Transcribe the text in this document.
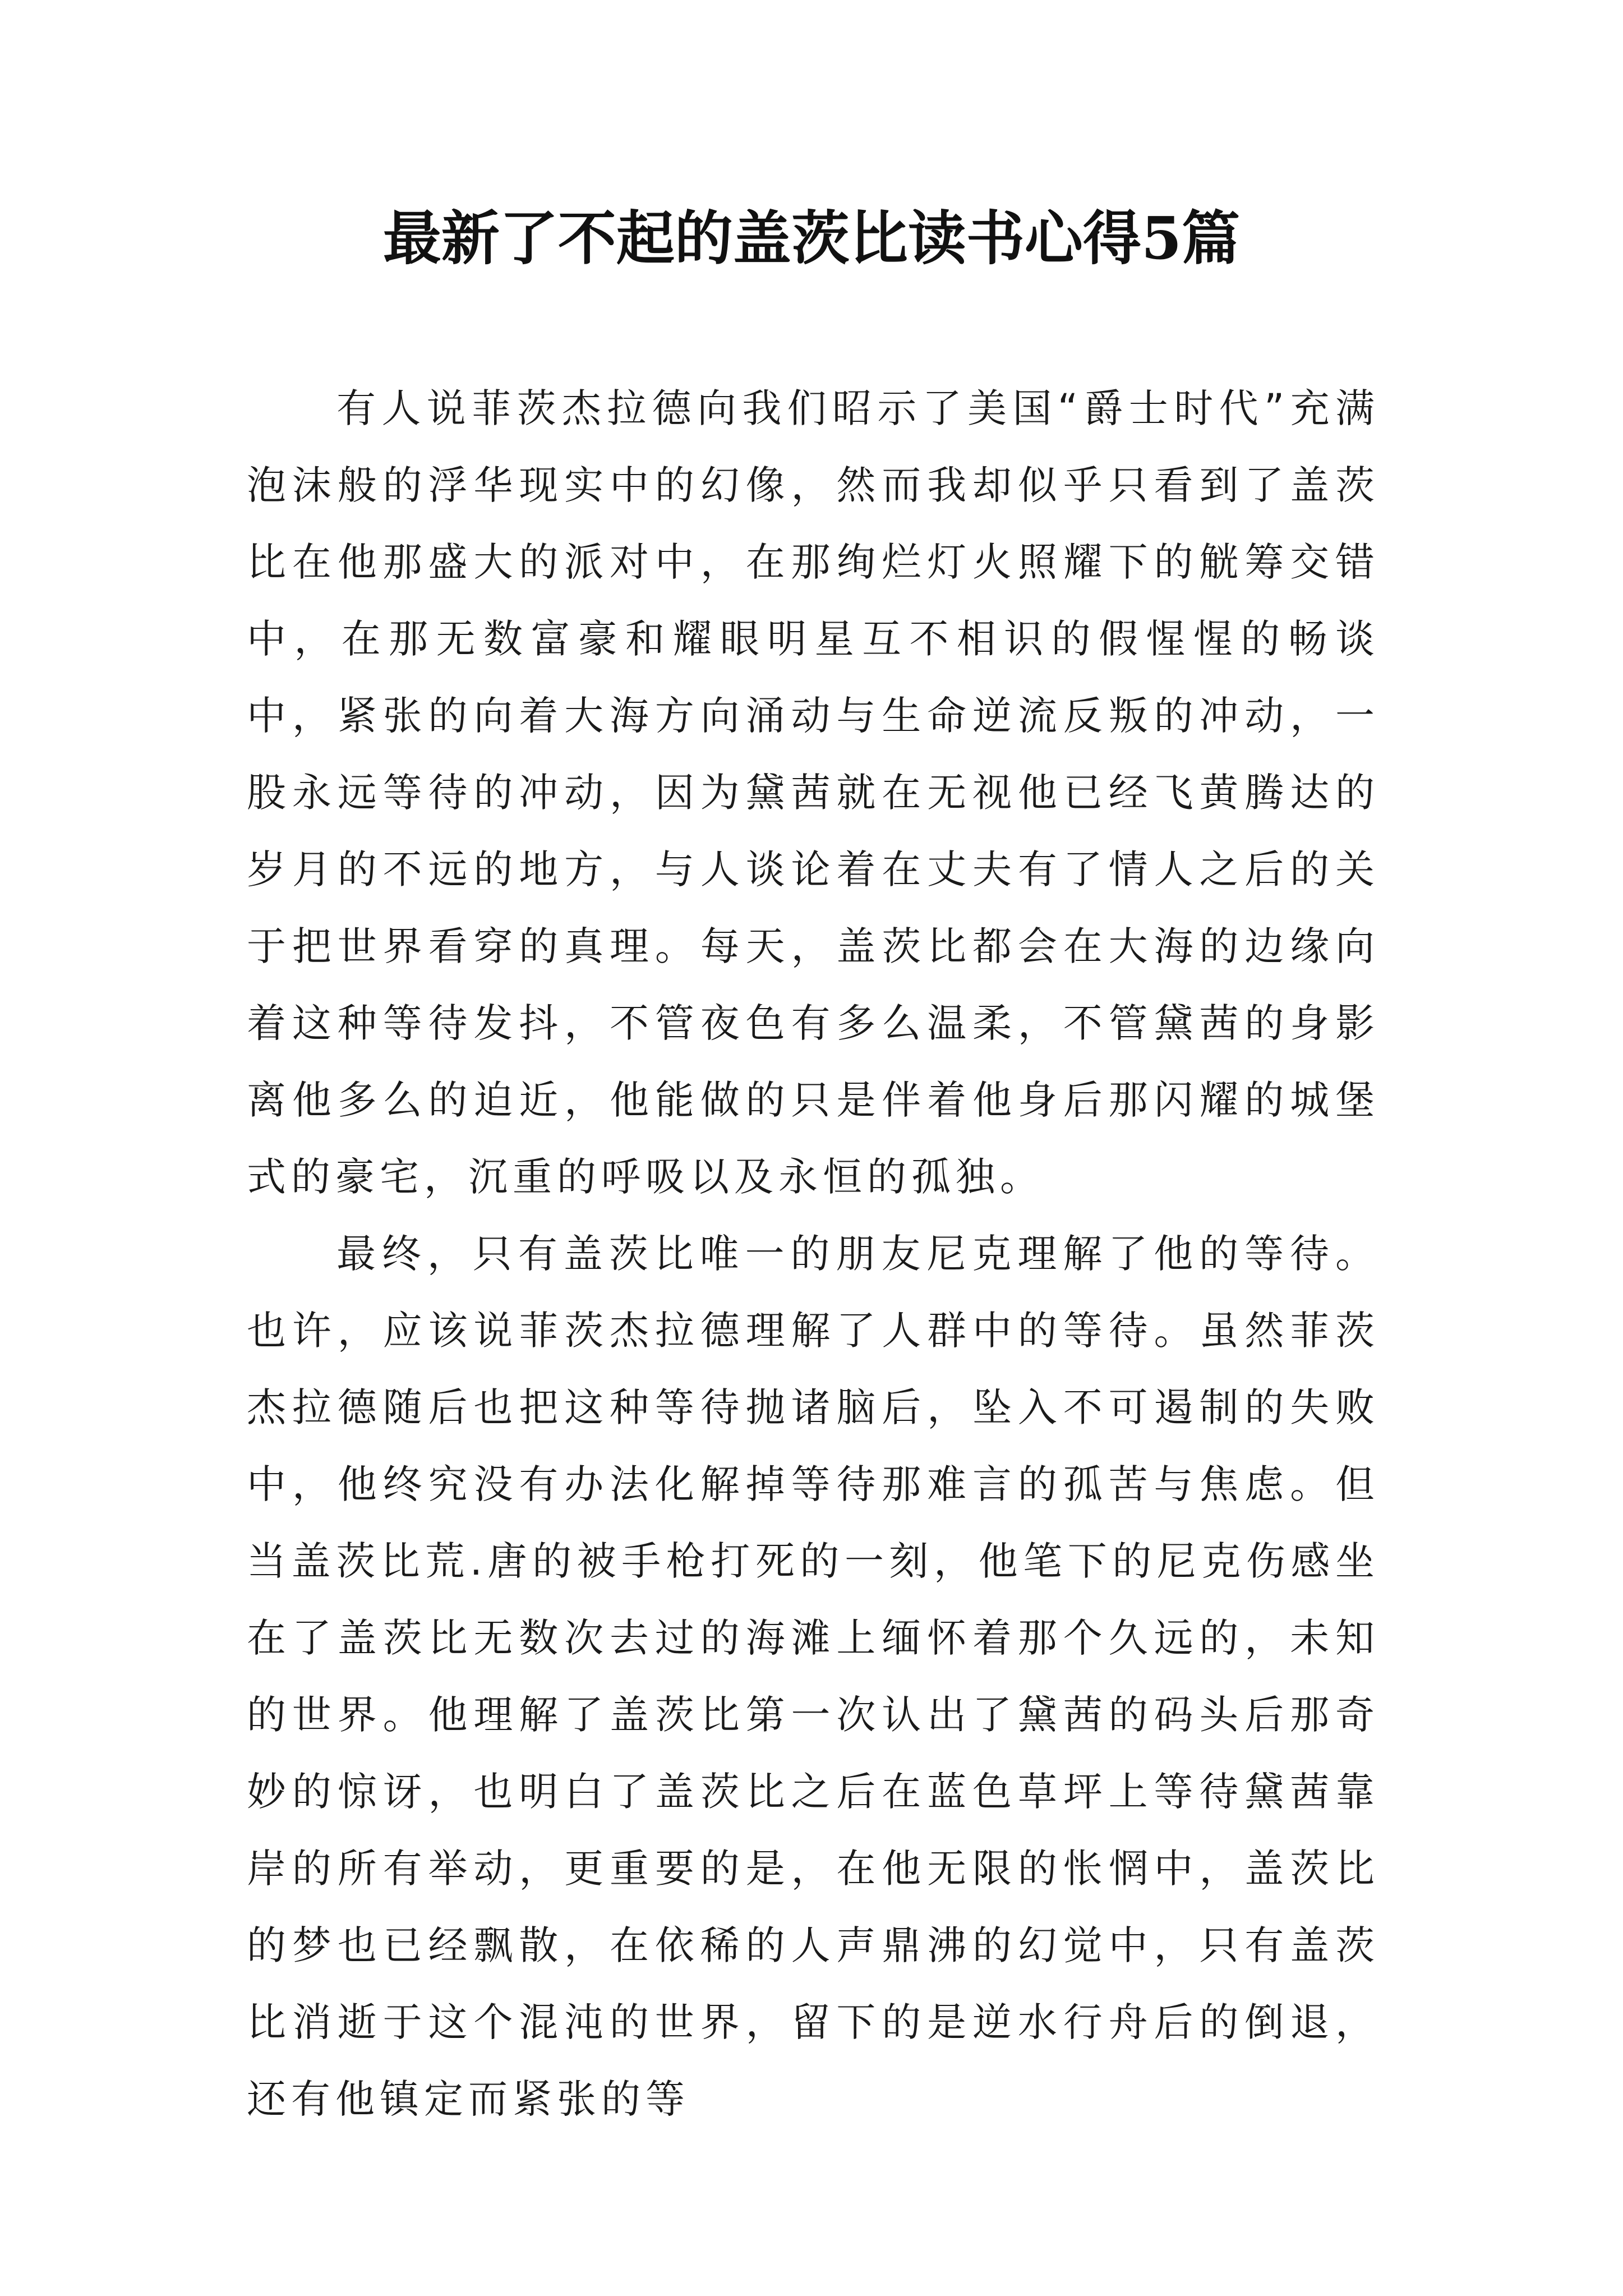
最新了不起的盖茨比读书心得5篇

有人说菲茨杰拉德向我们昭示了美国“爵士时代”充满泡沫般的浮华现实中的幻像，然而我却似乎只看到了盖茨比在他那盛大的派对中，在那绚烂灯火照耀下的觥筹交错中，在那无数富豪和耀眼明星互不相识的假惺惺的畅谈中，紧张的向着大海方向涌动与生命逆流反叛的冲动，一股永远等待的冲动，因为黛茜就在无视他已经飞黄腾达的岁月的不远的地方，与人谈论着在丈夫有了情人之后的关于把世界看穿的真理。每天，盖茨比都会在大海的边缘向着这种等待发抖，不管夜色有多么温柔，不管黛茜的身影离他多么的迫近，他能做的只是伴着他身后那闪耀的城堡式的豪宅，沉重的呼吸以及永恒的孤独。

最终，只有盖茨比唯一的朋友尼克理解了他的等待。也许，应该说菲茨杰拉德理解了人群中的等待。虽然菲茨杰拉德随后也把这种等待抛诸脑后，坠入不可遏制的失败中，他终究没有办法化解掉等待那难言的孤苦与焦虑。但当盖茨比荒.唐的被手枪打死的一刻，他笔下的尼克伤感坐在了盖茨比无数次去过的海滩上缅怀着那个久远的，未知的世界。他理解了盖茨比第一次认出了黛茜的码头后那奇妙的惊讶，也明白了盖茨比之后在蓝色草坪上等待黛茜靠岸的所有举动，更重要的是，在他无限的怅惘中，盖茨比的梦也已经飘散，在依稀的人声鼎沸的幻觉中，只有盖茨比消逝于这个混沌的世界，留下的是逆水行舟后的倒退，还有他镇定而紧张的等
